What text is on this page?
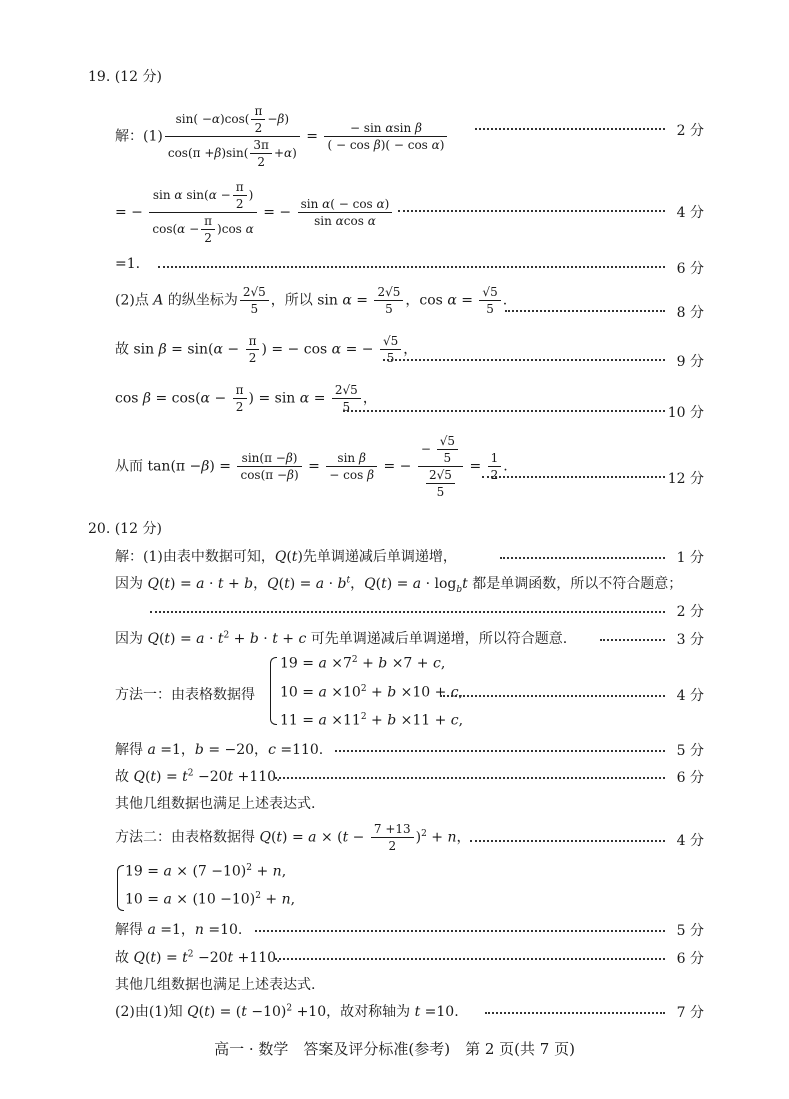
19. (12 分)
解：$(1) \frac{\sin( -\alpha)\cos( \frac{\pi}{2} -\beta)}{\cos(\pi +\beta)\sin( \frac{3\pi}{2} +\alpha)} = \frac{\text{− sin αsin β}}{\text{( − cos β)( − cos α)}}$	2 分
= − $\frac{\sin \alpha \sin(\alpha - \frac{\pi}{2} )}{\cos(\alpha - \frac{\pi}{2} )\cos \alpha}$ = − $\frac{\text{sin α( − cos α)}}{\text{sin αcos α}}$	4 分
=1.	6 分
(2)点 A 的纵坐标为 $\frac{2√5}{5}$ ，所以 $\sin \alpha = \frac{2√5}{5}$ ，$\cos \alpha = \frac{√5}{5}$ .
8 分
故 $\sin \beta = \sin(\alpha - \frac{\pi}{2}$ ) = − cos α = − $\frac{√5}{5}$ ，
9 分
$\cos \beta = \cos(\alpha - \frac{\pi}{2}$ ) = $\sin \alpha = \frac{2√5}{5}$ ，
10 分
从而 $\tan(\pi -\beta) = \frac{\sin(\pi -\beta)}{\cos(\pi -\beta)} = \frac{\text{sin β}}{\text{− cos β}}$ = − $\frac{- \frac{√5}{5}}{\frac{2√5}{5}} = \frac{1}{2}$ .
12 分
20. (12 分)
解：(1)由表中数据可知，Q(t)先单调递减后单调递增，	1 分
因为 Q(t) = a · t + b，$Q(t) = a \cdot b^t$，$Q(t) = a \cdot \log_bt$ 都是单调函数，所以不符合题意；
2 分
因为 $Q(t) = a \cdot t^2 + b \cdot t + c$ 可先单调递减后单调递增，所以符合题意.	3 分
方法一：由表格数据得
$19 = a \times 7^2 + b \times 7 + c$,
$10 = a \times 10^2 + b \times 10 + c$,
$11 = a \times 11^2 + b \times 11 + c$,
4 分
解得 a =1，b = −20，c =110.	5 分
故 $Q(t) = t^2 -20t +110$.	6 分
其他几组数据也满足上述表达式.
方法二：由表格数据得 $Q(t) = a \times (t - \frac{7 +13}{2} )^2 + n$，	4 分
$19 = a \times (7 -10)^2 + n$,
$10 = a \times (10 -10)^2 + n$,
解得 a =1，n =10.	5 分
故 $Q(t) = t^2 -20t +110$.	6 分
其他几组数据也满足上述表达式.
(2)由(1)知 $Q(t) = (t -10)^2 +10$，故对称轴为 t =10.	7 分
高一 · 数学　答案及评分标准(参考)　第 2 页(共 7 页)
